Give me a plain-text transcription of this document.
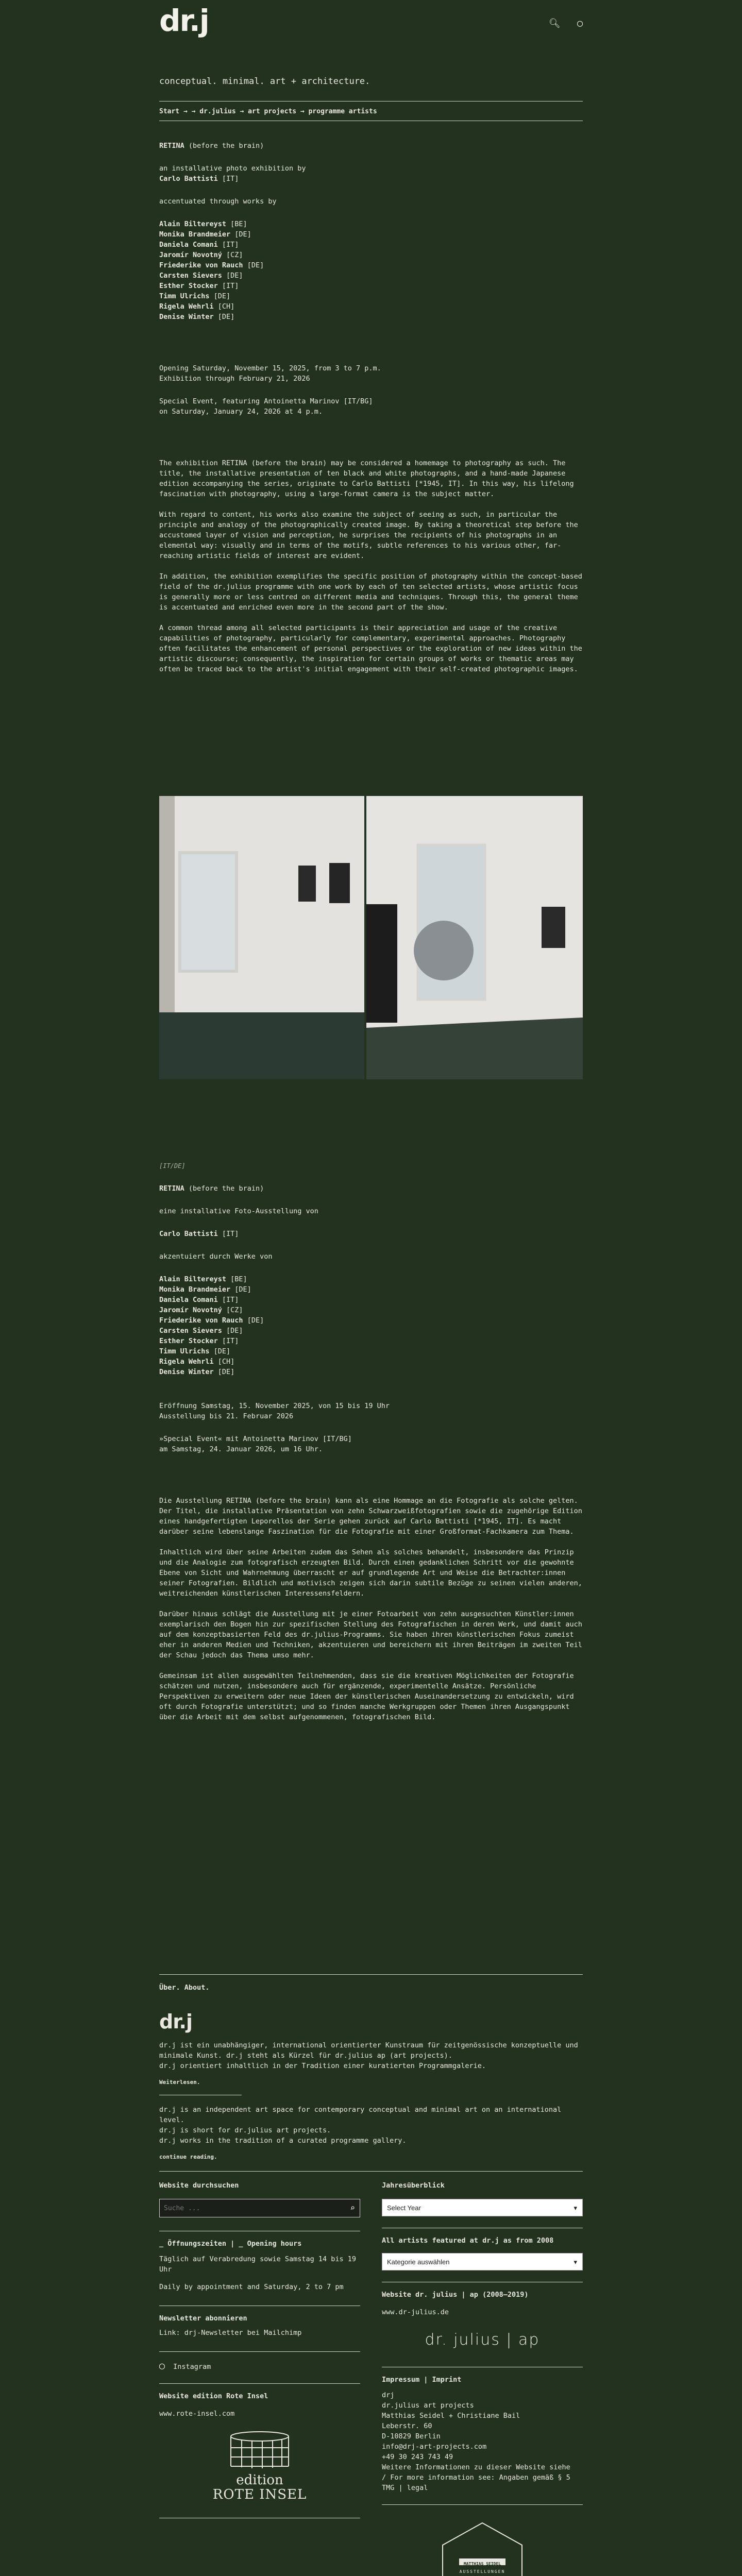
dr.j	🔍︎ ◯
conceptual. minimal. art + architecture.
Start → → dr.julius → art projects → programme artists

RETINA (before the brain)

an installative photo exhibition by

Carlo Battisti [IT]

accentuated through works by

Alain Biltereyst [BE]

Monika Brandmeier [DE]

Daniela Comani [IT]

Jaromír Novotný [CZ]

Friederike von Rauch [DE]

Carsten Sievers [DE]

Esther Stocker [IT]

Timm Ulrichs [DE]

Rigela Wehrli [CH]

Denise Winter [DE]

Opening Saturday, November 15, 2025, from 3 to 7 p.m.

Exhibition through February 21, 2026

Special Event, featuring Antoinetta Marinov [IT/BG]

on Saturday, January 24, 2026 at 4 p.m.

The exhibition RETINA (before the brain) may be considered a homemage to photography as such. The title, the installative presentation of ten black and white photographs, and a hand-made Japanese edition accompanying the series, originate to Carlo Battisti [*1945, IT]. In this way, his lifelong fascination with photography, using a large-format camera is the subject matter.

With regard to content, his works also examine the subject of seeing as such, in particular the principle and analogy of the photographically created image. By taking a theoretical step before the accustomed layer of vision and perception, he surprises the recipients of his photographs in an elemental way: visually and in terms of the motifs, subtle references to his various other, far-reaching artistic fields of interest are evident.

In addition, the exhibition exemplifies the specific position of photography within the concept-based field of the dr.julius programme with one work by each of ten selected artists, whose artistic focus is generally more or less centred on different media and techniques. Through this, the general theme is accentuated and enriched even more in the second part of the show.

A common thread among all selected participants is their appreciation and usage of the creative capabilities of photography, particularly for complementary, experimental approaches. Photography often facilitates the enhancement of personal perspectives or the exploration of new ideas within the artistic discourse; consequently, the inspiration for certain groups of works or thematic areas may often be traced back to the artist's initial engagement with their self-created photographic images.

[IT/DE]

RETINA (before the brain)

eine installative Foto-Ausstellung von

Carlo Battisti [IT]

akzentuiert durch Werke von

Alain Biltereyst [BE]

Monika Brandmeier [DE]

Daniela Comani [IT]

Jaromír Novotný [CZ]

Friederike von Rauch [DE]

Carsten Sievers [DE]

Esther Stocker [IT]

Timm Ulrichs [DE]

Rigela Wehrli [CH]

Denise Winter [DE]

Eröffnung Samstag, 15. November 2025, von 15 bis 19 Uhr

Ausstellung bis 21. Februar 2026

»Special Event« mit Antoinetta Marinov [IT/BG]

am Samstag, 24. Januar 2026, um 16 Uhr.

Die Ausstellung RETINA (before the brain) kann als eine Hommage an die Fotografie als solche gelten. Der Titel, die installative Präsentation von zehn Schwarzweißfotografien sowie die zugehörige Edition eines handgefertigten Leporellos der Serie gehen zurück auf Carlo Battisti [*1945, IT]. Es macht darüber seine lebenslange Faszination für die Fotografie mit einer Großformat-Fachkamera zum Thema.

Inhaltlich wird über seine Arbeiten zudem das Sehen als solches behandelt, insbesondere das Prinzip und die Analogie zum fotografisch erzeugten Bild. Durch einen gedanklichen Schritt vor die gewohnte Ebene von Sicht und Wahrnehmung überrascht er auf grundlegende Art und Weise die Betrachter:innen seiner Fotografien. Bildlich und motivisch zeigen sich darin subtile Bezüge zu seinen vielen anderen, weitreichenden künstlerischen Interessensfeldern.

Darüber hinaus schlägt die Ausstellung mit je einer Fotoarbeit von zehn ausgesuchten Künstler:innen exemplarisch den Bogen hin zur spezifischen Stellung des Fotografischen in deren Werk, und damit auch auf dem konzeptbasierten Feld des dr.julius-Programms. Sie haben ihren künstlerischen Fokus zumeist eher in anderen Medien und Techniken, akzentuieren und bereichern mit ihren Beiträgen im zweiten Teil der Schau jedoch das Thema umso mehr.

Gemeinsam ist allen ausgewählten Teilnehmenden, dass sie die kreativen Möglichkeiten der Fotografie schätzen und nutzen, insbesondere auch für ergänzende, experimentelle Ansätze. Persönliche Perspektiven zu erweitern oder neue Ideen der künstlerischen Auseinandersetzung zu entwickeln, wird oft durch Fotografie unterstützt; und so finden manche Werkgruppen oder Themen ihren Ausgangspunkt über die Arbeit mit dem selbst aufgenommenen, fotografischen Bild.

Über. About.

dr.j

dr.j ist ein unabhängiger, international orientierter Kunstraum für zeitgenössische konzeptuelle und minimale Kunst. dr.j steht als Kürzel für dr.julius ap (art projects).

dr.j orientiert inhaltlich in der Tradition einer kuratierten Programmgalerie.

Weiterlesen.

dr.j is an independent art space for contemporary conceptual and minimal art on an international level.

dr.j is short for dr.julius art projects.

dr.j works in the tradition of a curated programme gallery.

continue reading.

Website durchsuchen

Suche ...
⌕

_ Öffnungszeiten | _ Opening hours

Täglich auf Verabredung sowie Samstag 14 bis 19 Uhr

Daily by appointment and Saturday, 2 to 7 pm

Newsletter abonnieren

Link: drj-Newsletter bei Mailchimp

◯ Instagram

Website edition Rote Insel

www.rote-insel.com

edition
ROTE INSEL

Jahresüberblick

Select Year	▾

All artists featured at dr.j as from 2008

Kategorie auswählen	▾

Website dr. julius | ap (2008–2019)

www.dr-julius.de

dr. julius | ap

Impressum | Imprint

drj

dr.julius art projects

Matthias Seidel + Christiane Bail

Leberstr. 60

D-10829 Berlin

info@drj-art-projects.com

+49 30 243 743 49

Weitere Informationen zu dieser Website siehe

/ For more information see: Angaben gemäß § 5 TMG | legal

MATTHIAS SEIDEL
AUSSTELLUNGEN
